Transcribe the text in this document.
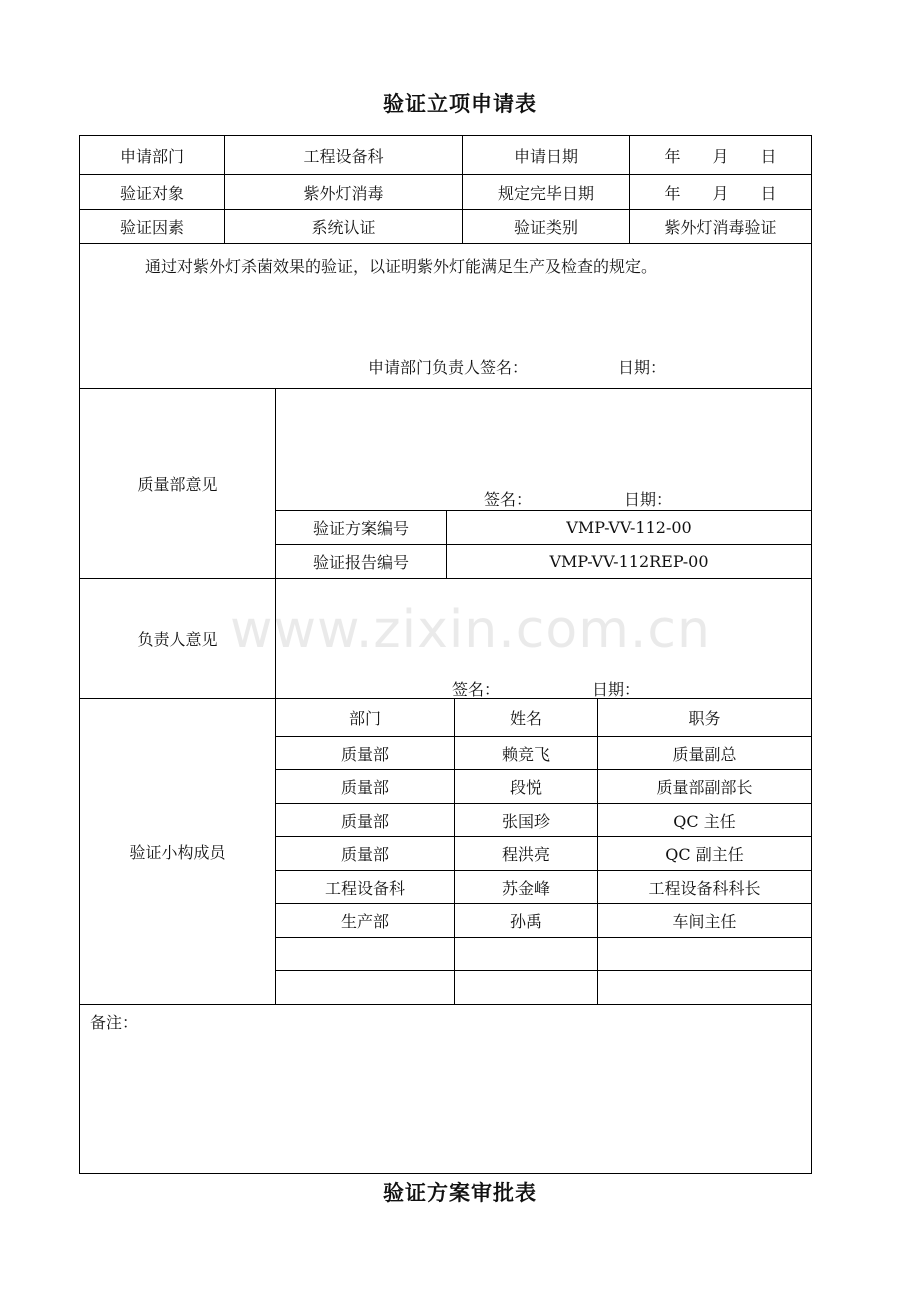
验证立项申请表
申请部门	工程设备科	申请日期	年　　月　　日
验证对象	紫外灯消毒	规定完毕日期	年　　月　　日
验证因素	系统认证	验证类别	紫外灯消毒验证
通过对紫外灯杀菌效果的验证，以证明紫外灯能满足生产及检查的规定。
申请部门负责人签名：	日期：
质量部意见
签名：	日期：
验证方案编号	VMP-VV-112-00
验证报告编号	VMP-VV-112REP-00
负责人意见
签名：	日期：
验证小构成员
部门	姓名	职务
质量部	赖竞飞	质量副总
质量部	段悦	质量部副部长
质量部	张国珍	QC 主任
质量部	程洪亮	QC 副主任
工程设备科	苏金峰	工程设备科科长
生产部	孙禹	车间主任
备注：
www.zixin.com.cn
验证方案审批表
